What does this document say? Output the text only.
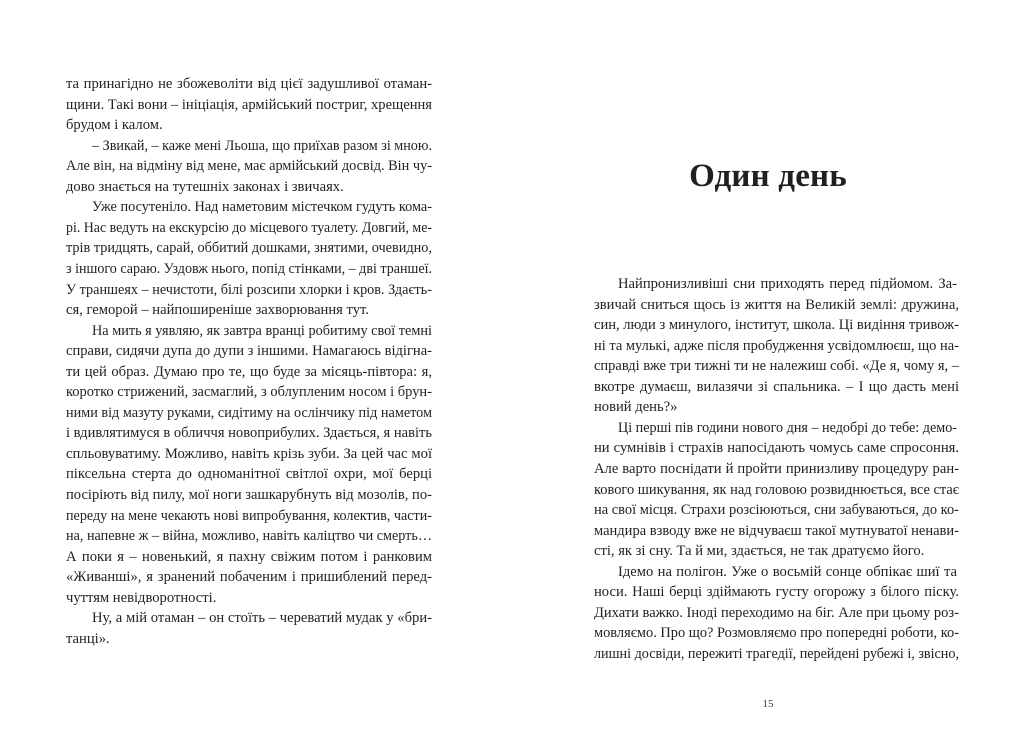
та принагідно не збожеволіти від цієї задушливої отаман-
щини. Такі вони – ініціація, армійський постриг, хрещення
брудом і калом.
– Звикай, – каже мені Льоша, що приїхав разом зі мною.
Але він, на відміну від мене, має армійський досвід. Він чу-
дово знається на тутешніх законах і звичаях.
Уже посутеніло. Над наметовим містечком гудуть кома-
рі. Нас ведуть на екскурсію до місцевого туалету. Довгий, ме-
трів тридцять, сарай, оббитий дошками, знятими, очевидно,
з іншого сараю. Уздовж нього, попід стінками, – дві траншеї.
У траншеях – нечистоти, білі розсипи хлорки і кров. Здаєть-
ся, геморой – найпоширеніше захворювання тут.
На мить я уявляю, як завтра вранці робитиму свої темні
справи, сидячи дупа до дупи з іншими. Намагаюсь відігна-
ти цей образ. Думаю про те, що буде за місяць-півтора: я,
коротко стрижений, засмаглий, з облупленим носом і брун-
ними від мазуту руками, сидітиму на ослінчику під наметом
і вдивлятимуся в обличчя новоприбулих. Здається, я навіть
спльовуватиму. Можливо, навіть крізь зуби. За цей час мої
піксельна стерта до одноманітної світлої охри, мої берці
посіріють від пилу, мої ноги зашкарубнуть від мозолів, по-
переду на мене чекають нові випробування, колектив, части-
на, напевне ж – війна, можливо, навіть каліцтво чи смерть…
А поки я – новенький, я пахну свіжим потом і ранковим
«Живанші», я зранений побаченим і пришиблений перед-
чуттям невідворотності.
Ну, а мій отаман – он стоїть – череватий мудак у «бри-
танці».
Один день
Найпронизливіші сни приходять перед підйомом. За-
звичай сниться щось із життя на Великій землі: дружина,
син, люди з минулого, інститут, школа. Ці видіння тривож-
ні та мулькі, адже після пробудження усвідомлюєш, що на-
справді вже три тижні ти не належиш собі. «Де я, чому я, –
вкотре думаєш, вилазячи зі спальника. – І що дасть мені
новий день?»
Ці перші пів години нового дня – недобрі до тебе: демо-
ни сумнівів і страхів напосідають чомусь саме спросоння.
Але варто поснідати й пройти принизливу процедуру ран-
кового шикування, як над головою розвиднюється, все стає
на свої місця. Страхи розсіюються, сни забуваються, до ко-
мандира взводу вже не відчуваєш такої мутнуватої ненави-
сті, як зі сну. Та й ми, здається, не так дратуємо його.
Ідемо на полігон. Уже о восьмій сонце обпікає шиї та
носи. Наші берці здіймають густу огорожу з білого піску.
Дихати важко. Іноді переходимо на біг. Але при цьому роз-
мовляємо. Про що? Розмовляємо про попередні роботи, ко-
лишні досвіди, пережиті трагедії, перейдені рубежі і, звісно,
15
